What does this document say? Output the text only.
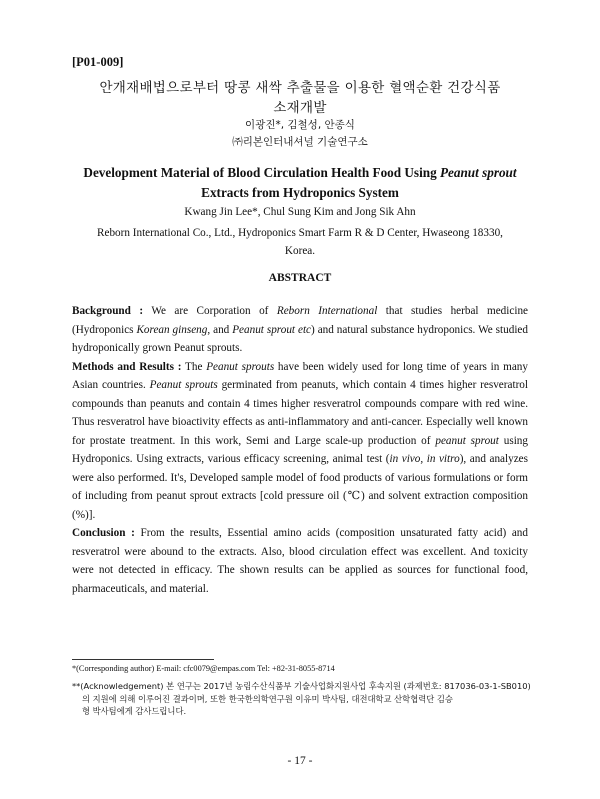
[P01-009]
안개재배법으로부터 땅콩 새싹 추출물을 이용한 혈액순환 건강식품
소재개발
이광진*, 김철성, 안종식
㈜리본인터내셔널 기술연구소
Development Material of Blood Circulation Health Food Using Peanut sprout
Extracts from Hydroponics System
Kwang Jin Lee*, Chul Sung Kim and Jong Sik Ahn
Reborn International Co., Ltd., Hydroponics Smart Farm R & D Center, Hwaseong 18330,
Korea.
ABSTRACT

Background : We are Corporation of Reborn International that studies herbal medicine (Hydroponics Korean ginseng, and Peanut sprout etc) and natural substance hydroponics. We studied hydroponically grown Peanut sprouts.

Methods and Results : The Peanut sprouts have been widely used for long time of years in many Asian countries. Peanut sprouts germinated from peanuts, which contain 4 times higher resveratrol compounds than peanuts and contain 4 times higher resveratrol compounds compare with red wine. Thus resveratrol have bioactivity effects as anti-inflammatory and anti-cancer. Especially well known for prostate treatment. In this work, Semi and Large scale-up production of peanut sprout using Hydroponics. Using extracts, various efficacy screening, animal test (in vivo, in vitro), and analyzes were also performed. It's, Developed sample model of food products of various formulations or form of including from peanut sprout extracts [cold pressure oil (℃) and solvent extraction composition (%)].

Conclusion : From the results, Essential amino acids (composition unsaturated fatty acid) and resveratrol were abound to the extracts. Also, blood circulation effect was excellent. And toxicity were not detected in efficacy. The shown results can be applied as sources for functional food, pharmaceuticals, and material.

*(Corresponding author) E-mail: cfc0079@empas.com Tel: +82-31-8055-8714
**(Acknowledgement) 본 연구는 2017년 농림수산식품부 기술사업화지원사업 후속지원 (과제번호: 817036-03-1-SB010)
의 지원에 의해 이루어진 결과이며, 또한 한국한의학연구원 이유미 박사팀, 대전대학교 산학협력단 김승
형 박사팀에게 감사드립니다.
- 17 -
